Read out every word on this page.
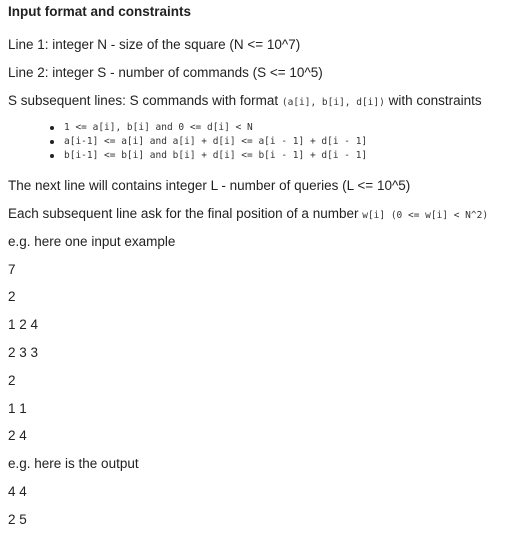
Input format and constraints
Line 1: integer N - size of the square (N <= 10^7)
Line 2: integer S - number of commands (S <= 10^5)
S subsequent lines: S commands with format (a[i], b[i], d[i]) with constraints
1 <= a[i], b[i] and 0 <= d[i] < N
a[i-1] <= a[i] and a[i] + d[i] <= a[i - 1] + d[i - 1]
b[i-1] <= b[i] and b[i] + d[i] <= b[i - 1] + d[i - 1]
The next line will contains integer L - number of queries (L <= 10^5)
Each subsequent line ask for the final position of a number w[i] (0 <= w[i] < N^2)
e.g. here one input example
7
2
1 2 4
2 3 3
2
1 1
2 4
e.g. here is the output
4 4
2 5
